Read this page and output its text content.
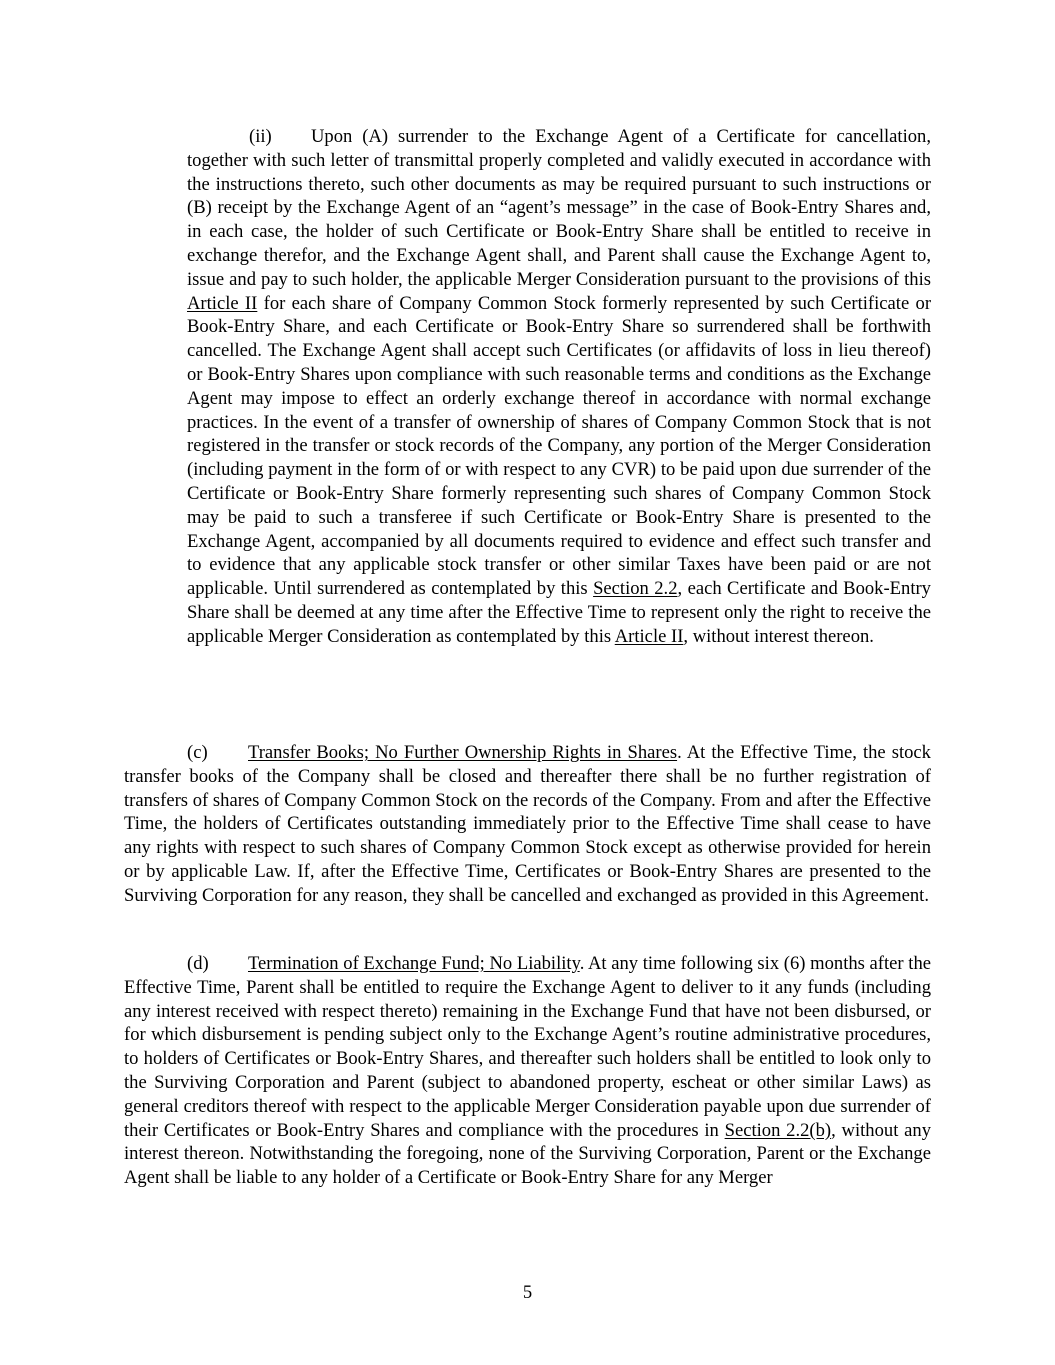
(ii) Upon (A) surrender to the Exchange Agent of a Certificate for cancellation, together with such letter of transmittal properly completed and validly executed in accordance with the instructions thereto, such other documents as may be required pursuant to such instructions or (B) receipt by the Exchange Agent of an “agent’s message” in the case of Book-Entry Shares and, in each case, the holder of such Certificate or Book-Entry Share shall be entitled to receive in exchange therefor, and the Exchange Agent shall, and Parent shall cause the Exchange Agent to, issue and pay to such holder, the applicable Merger Consideration pursuant to the provisions of this Article II for each share of Company Common Stock formerly represented by such Certificate or Book-Entry Share, and each Certificate or Book-Entry Share so surrendered shall be forthwith cancelled. The Exchange Agent shall accept such Certificates (or affidavits of loss in lieu thereof) or Book-Entry Shares upon compliance with such reasonable terms and conditions as the Exchange Agent may impose to effect an orderly exchange thereof in accordance with normal exchange practices. In the event of a transfer of ownership of shares of Company Common Stock that is not registered in the transfer or stock records of the Company, any portion of the Merger Consideration (including payment in the form of or with respect to any CVR) to be paid upon due surrender of the Certificate or Book-Entry Share formerly representing such shares of Company Common Stock may be paid to such a transferee if such Certificate or Book-Entry Share is presented to the Exchange Agent, accompanied by all documents required to evidence and effect such transfer and to evidence that any applicable stock transfer or other similar Taxes have been paid or are not applicable. Until surrendered as contemplated by this Section 2.2, each Certificate and Book-Entry Share shall be deemed at any time after the Effective Time to represent only the right to receive the applicable Merger Consideration as contemplated by this Article II, without interest thereon.

(c) Transfer Books; No Further Ownership Rights in Shares. At the Effective Time, the stock transfer books of the Company shall be closed and thereafter there shall be no further registration of transfers of shares of Company Common Stock on the records of the Company. From and after the Effective Time, the holders of Certificates outstanding immediately prior to the Effective Time shall cease to have any rights with respect to such shares of Company Common Stock except as otherwise provided for herein or by applicable Law. If, after the Effective Time, Certificates or Book-Entry Shares are presented to the Surviving Corporation for any reason, they shall be cancelled and exchanged as provided in this Agreement.

(d) Termination of Exchange Fund; No Liability. At any time following six (6) months after the Effective Time, Parent shall be entitled to require the Exchange Agent to deliver to it any funds (including any interest received with respect thereto) remaining in the Exchange Fund that have not been disbursed, or for which disbursement is pending subject only to the Exchange Agent’s routine administrative procedures, to holders of Certificates or Book-Entry Shares, and thereafter such holders shall be entitled to look only to the Surviving Corporation and Parent (subject to abandoned property, escheat or other similar Laws) as general creditors thereof with respect to the applicable Merger Consideration payable upon due surrender of their Certificates or Book-Entry Shares and compliance with the procedures in Section 2.2(b), without any interest thereon. Notwithstanding the foregoing, none of the Surviving Corporation, Parent or the Exchange Agent shall be liable to any holder of a Certificate or Book-Entry Share for any Merger

5
